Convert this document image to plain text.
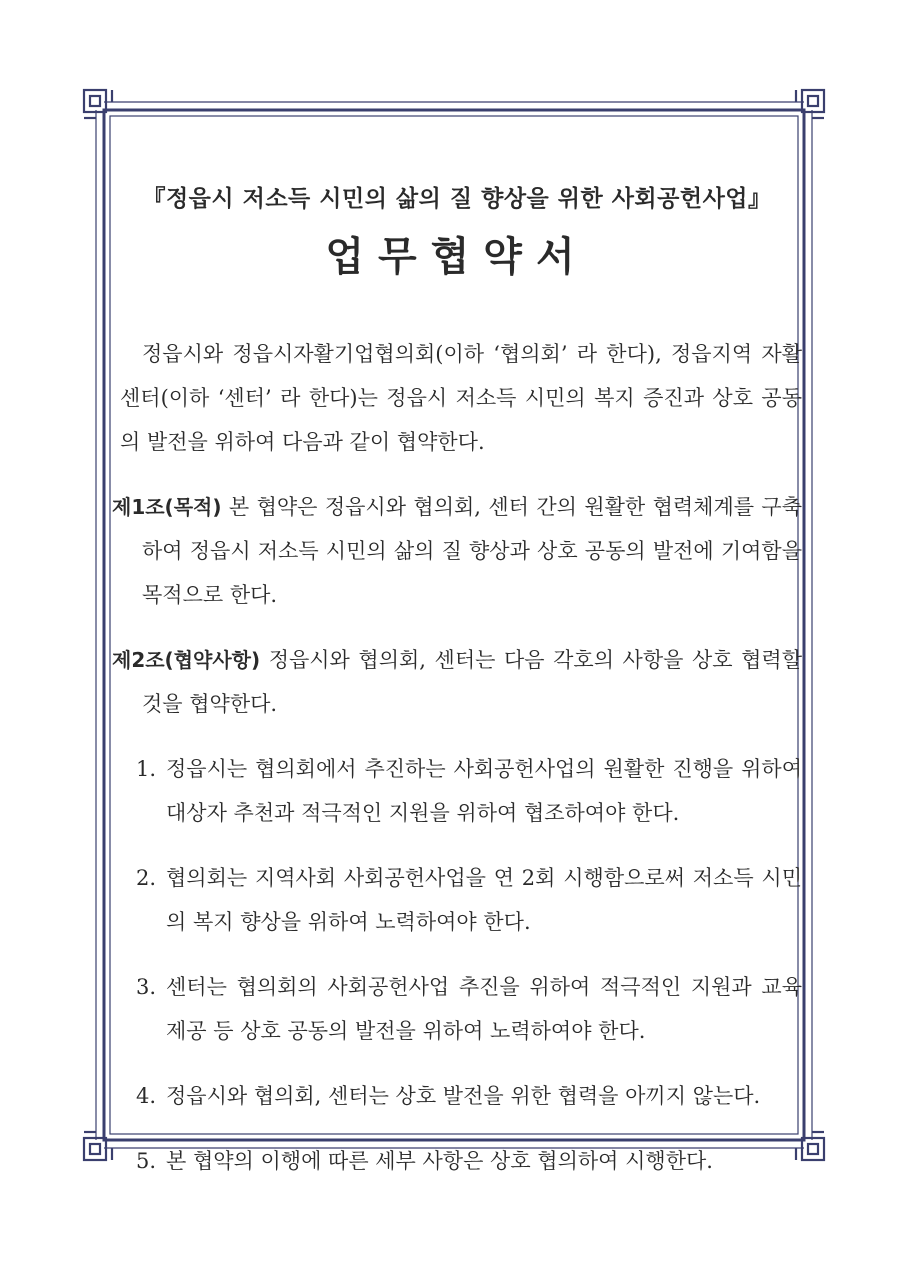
『정읍시 저소득 시민의 삶의 질 향상을 위한 사회공헌사업』

업무협약서

정읍시와 정읍시자활기업협의회(이하 ‘협의회’ 라 한다), 정읍지역 자활센터(이하 ‘센터’ 라 한다)는 정읍시 저소득 시민의 복지 증진과 상호 공동의 발전을 위하여 다음과 같이 협약한다.

제1조(목적) 본 협약은 정읍시와 협의회, 센터 간의 원활한 협력체계를 구축하여 정읍시 저소득 시민의 삶의 질 향상과 상호 공동의 발전에 기여함을 목적으로 한다.

제2조(협약사항) 정읍시와 협의회, 센터는 다음 각호의 사항을 상호 협력할 것을 협약한다.

1. 정읍시는 협의회에서 추진하는 사회공헌사업의 원활한 진행을 위하여 대상자 추천과 적극적인 지원을 위하여 협조하여야 한다.

2. 협의회는 지역사회 사회공헌사업을 연 2회 시행함으로써 저소득 시민의 복지 향상을 위하여 노력하여야 한다.

3. 센터는 협의회의 사회공헌사업 추진을 위하여 적극적인 지원과 교육 제공 등 상호 공동의 발전을 위하여 노력하여야 한다.

4. 정읍시와 협의회, 센터는 상호 발전을 위한 협력을 아끼지 않는다.

5. 본 협약의 이행에 따른 세부 사항은 상호 협의하여 시행한다.
